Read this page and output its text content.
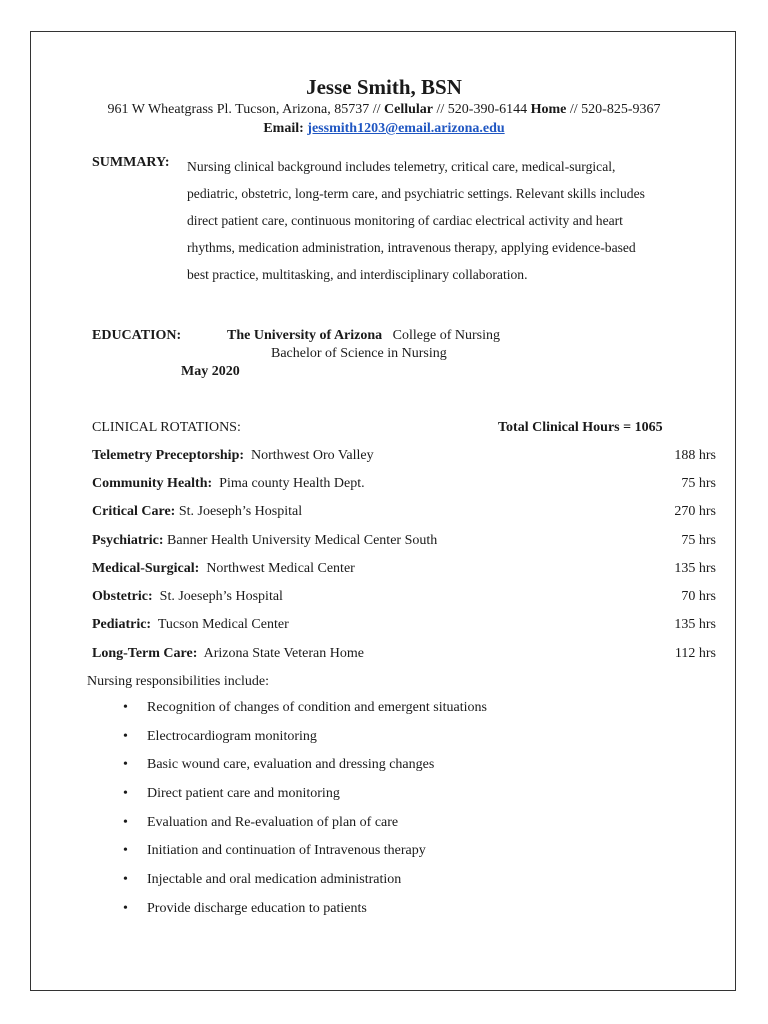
Jesse Smith, BSN
961 W Wheatgrass Pl. Tucson, Arizona, 85737 // Cellular // 520-390-6144 Home // 520-825-9367
Email: jessmith1203@email.arizona.edu
SUMMARY: Nursing clinical background includes telemetry, critical care, medical-surgical,
pediatric, obstetric, long-term care, and psychiatric settings. Relevant skills includes
direct patient care, continuous monitoring of cardiac electrical activity and heart
rhythms, medication administration, intravenous therapy, applying evidence-based
best practice, multitasking, and interdisciplinary collaboration.
EDUCATION:	The University of Arizona College of Nursing
Bachelor of Science in Nursing
May 2020
CLINICAL ROTATIONS:	Total Clinical Hours = 1065
Telemetry Preceptorship: Northwest Oro Valley	188 hrs
Community Health: Pima county Health Dept.	75 hrs
Critical Care: St. Joeseph’s Hospital	270 hrs
Psychiatric: Banner Health University Medical Center South	75 hrs
Medical-Surgical: Northwest Medical Center	135 hrs
Obstetric: St. Joeseph’s Hospital	70 hrs
Pediatric: Tucson Medical Center	135 hrs
Long-Term Care: Arizona State Veteran Home	112 hrs
Nursing responsibilities include:
• Recognition of changes of condition and emergent situations
• Electrocardiogram monitoring
• Basic wound care, evaluation and dressing changes
• Direct patient care and monitoring
• Evaluation and Re-evaluation of plan of care
• Initiation and continuation of Intravenous therapy
• Injectable and oral medication administration
• Provide discharge education to patients
